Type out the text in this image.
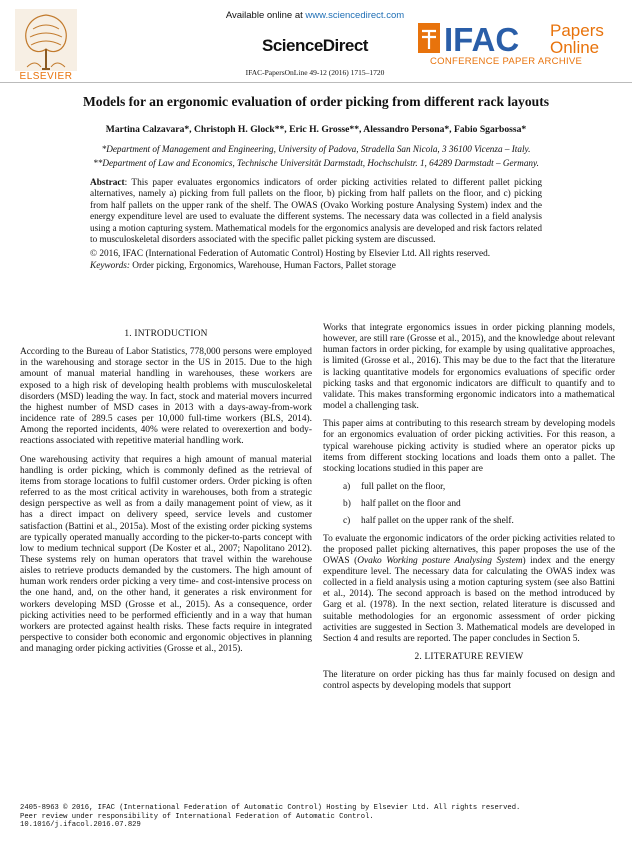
Available online at www.sciencedirect.com
ScienceDirect
IFAC-PapersOnLine 49-12 (2016) 1715–1720
ELSEVIER
IFAC Papers
Online
CONFERENCE PAPER ARCHIVE
Models for an ergonomic evaluation of order picking from different rack layouts
Martina Calzavara*, Christoph H. Glock**, Eric H. Grosse**, Alessandro Persona*, Fabio Sgarbossa*
*Department of Management and Engineering, University of Padova, Stradella San Nicola, 3 36100 Vicenza – Italy.
**Department of Law and Economics, Technische Universität Darmstadt, Hochschulstr. 1, 64289 Darmstadt – Germany.

Abstract: This paper evaluates ergonomics indicators of order picking activities related to different pallet picking alternatives, namely a) picking from full pallets on the floor, b) picking from half pallets on the floor, and c) picking from half pallets on the upper rank of the shelf. The OWAS (Ovako Working posture Analysing System) index and the energy expenditure level are used to evaluate the different systems. The necessary data was collected in a field analysis using a motion capturing system. Mathematical models for the ergonomics analysis are developed and risk factors related to musculoskeletal disorders associated with the specific pallet picking system are discussed.

© 2016, IFAC (International Federation of Automatic Control) Hosting by Elsevier Ltd. All rights reserved.

Keywords: Order picking, Ergonomics, Warehouse, Human Factors, Pallet storage

1. INTRODUCTION

According to the Bureau of Labor Statistics, 778,000 persons were employed in the warehousing and storage sector in the US in 2015. Due to the high amount of manual material handling in warehouses, these workers are exposed to a high risk of developing health problems with musculoskeletal disorders (MSD) leading the way. In fact, stock and material movers incurred the highest number of MSD cases in 2013 with a days-away-from-work incidence rate of 289.5 cases per 10,000 full-time workers (BLS, 2014). Among the reported incidents, 40% were related to overexertion and body-reactions associated with repetitive material handling work.

One warehousing activity that requires a high amount of manual material handling is order picking, which is commonly defined as the retrieval of items from storage locations to fulfil customer orders. Order picking is often referred to as the most critical activity in warehouses, both from a strategic design perspective as well as from a daily management point of view, as it has a direct impact on delivery speed, service levels and customer satisfaction (Battini et al., 2015a). Most of the existing order picking systems are typically operated manually according to the picker-to-parts concept with low to medium technical support (De Koster et al., 2007; Napolitano 2012). These systems rely on human operators that travel within the warehouse aisles to retrieve products demanded by the customers. The high amount of human work renders order picking a very time- and cost-intensive process on the one hand, and, on the other hand, it generates a risk environment for workers developing MSD (Grosse et al., 2015). As a consequence, order picking activities need to be performed efficiently and in a way that human workers are protected against health risks. These facts require in integrated perspective to consider both economic and ergonomic objectives in planning and managing order picking activities (Grosse et al., 2015).

Works that integrate ergonomics issues in order picking planning models, however, are still rare (Grosse et al., 2015), and the knowledge about relevant human factors in order picking, for example by using qualitative approaches, is limited (Grosse et al., 2016). This may be due to the fact that the literature is lacking quantitative models for ergonomics evaluations of specific order picking tasks and that ergonomic indicators are difficult to quantify and to validate. This makes transforming ergonomic indicators into a mathematical model a challenging task.

This paper aims at contributing to this research stream by developing models for an ergonomics evaluation of order picking activities. For this reason, a typical warehouse picking activity is studied where an operator picks up items from different stocking locations and loads them onto a pallet. The stocking locations studied in this paper are

a) full pallet on the floor,
b) half pallet on the floor and
c) half pallet on the upper rank of the shelf.

To evaluate the ergonomic indicators of the order picking activities related to the proposed pallet picking alternatives, this paper proposes the use of the OWAS (Ovako Working posture Analysing System) index and the energy expenditure level. The necessary data for calculating the OWAS index was collected in a field analysis using a motion capturing system (see also Battini et al., 2014). The second approach is based on the method introduced by Garg et al. (1978). In the next section, related literature is discussed and suitable methodologies for an ergonomic assessment of order picking activities are suggested in Section 3. Mathematical models are developed in Section 4 and results are reported. The paper concludes in Section 5.

2. LITERATURE REVIEW

The literature on order picking has thus far mainly focused on design and control aspects by developing models that support

2405-8963 © 2016, IFAC (International Federation of Automatic Control) Hosting by Elsevier Ltd. All rights reserved.
Peer review under responsibility of International Federation of Automatic Control.
10.1016/j.ifacol.2016.07.829
